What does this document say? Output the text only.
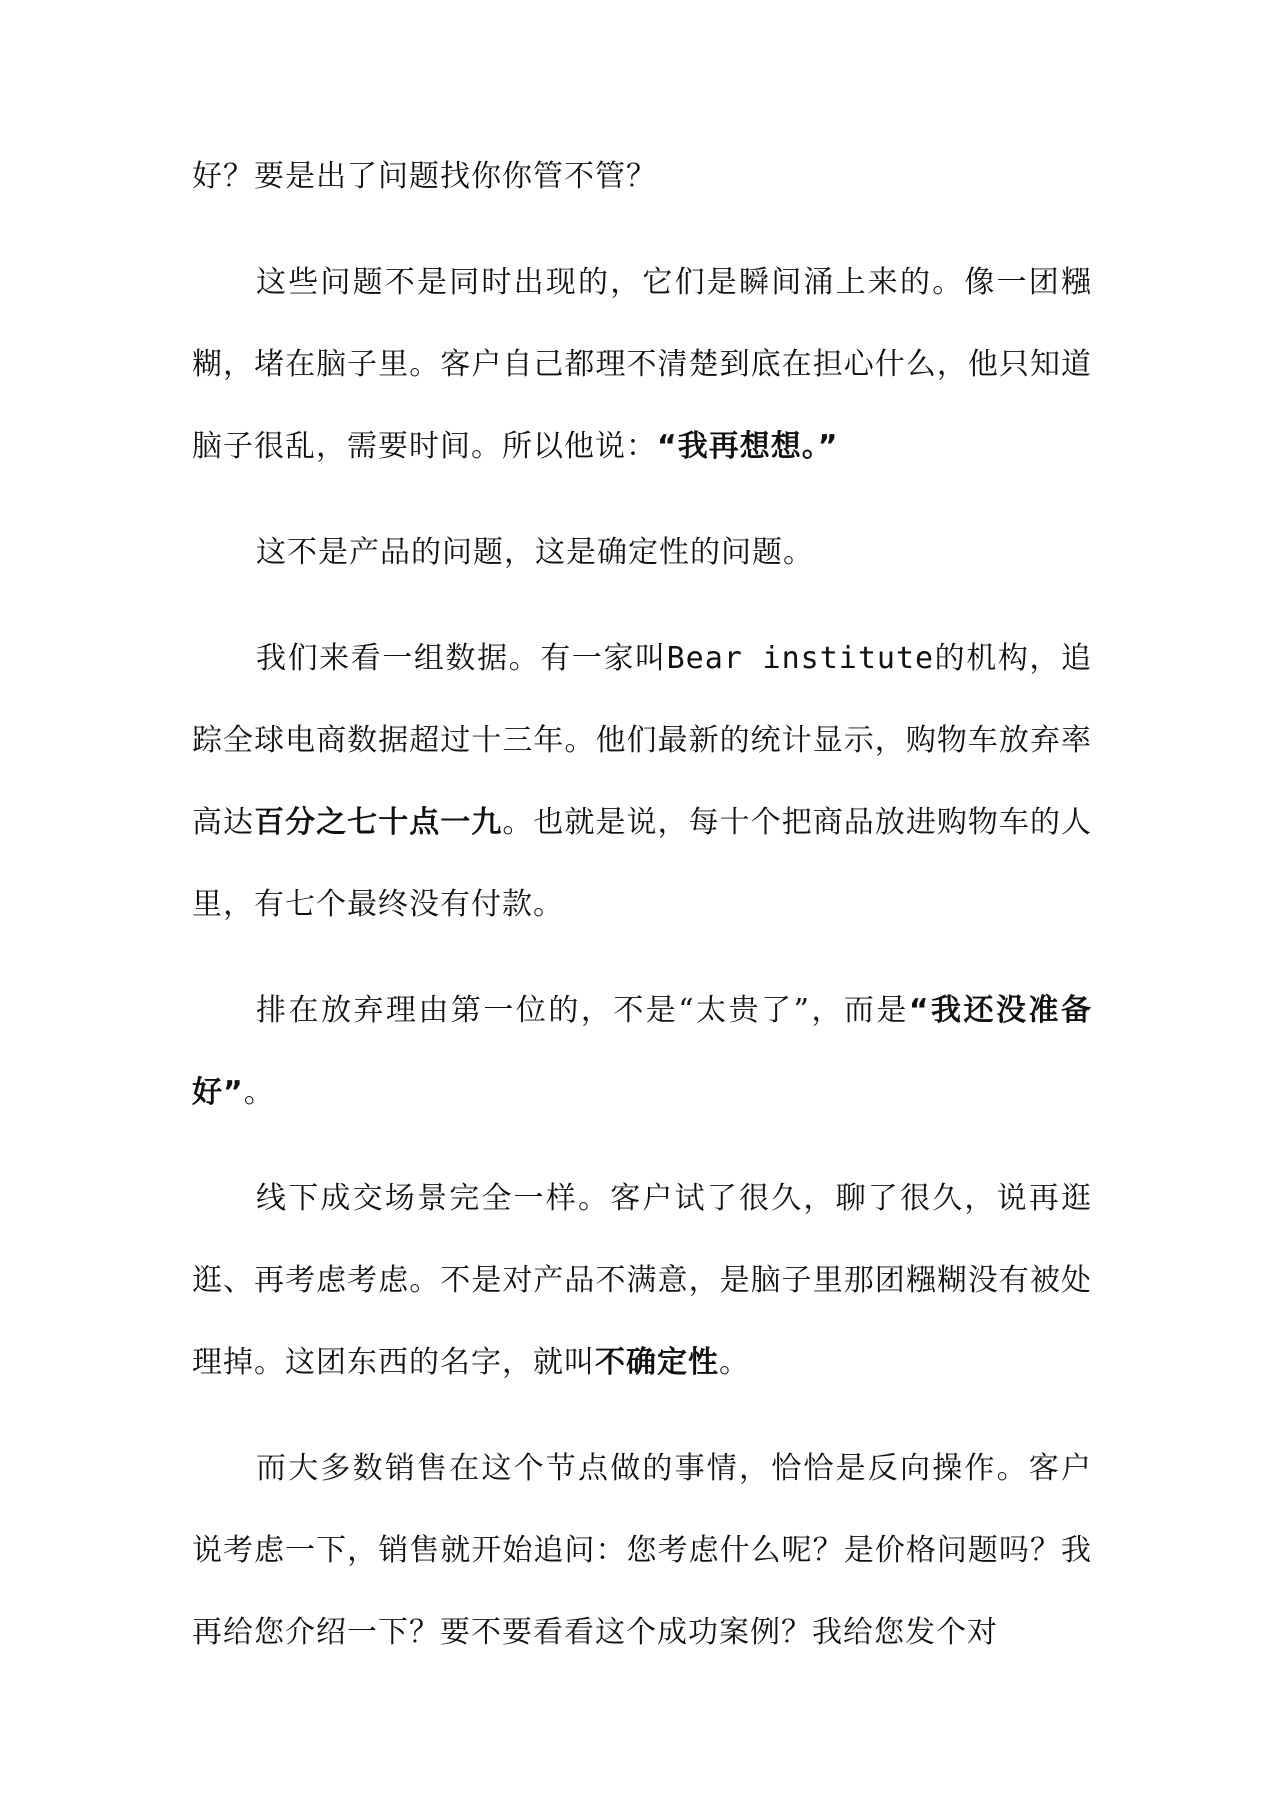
好？要是出了问题找你你管不管？

这些问题不是同时出现的，它们是瞬间涌上来的。像一团糨糊，堵在脑子里。客户自己都理不清楚到底在担心什么，他只知道脑子很乱，需要时间。所以他说：“我再想想。”

这不是产品的问题，这是确定性的问题。

我们来看一组数据。有一家叫Bear institute的机构，追踪全球电商数据超过十三年。他们最新的统计显示，购物车放弃率高达百分之七十点一九。也就是说，每十个把商品放进购物车的人里，有七个最终没有付款。

排在放弃理由第一位的，不是“太贵了”，而是“我还没准备好”。

线下成交场景完全一样。客户试了很久，聊了很久，说再逛逛、再考虑考虑。不是对产品不满意，是脑子里那团糨糊没有被处理掉。这团东西的名字，就叫不确定性。

而大多数销售在这个节点做的事情，恰恰是反向操作。客户说考虑一下，销售就开始追问：您考虑什么呢？是价格问题吗？我再给您介绍一下？要不要看看这个成功案例？我给您发个对
